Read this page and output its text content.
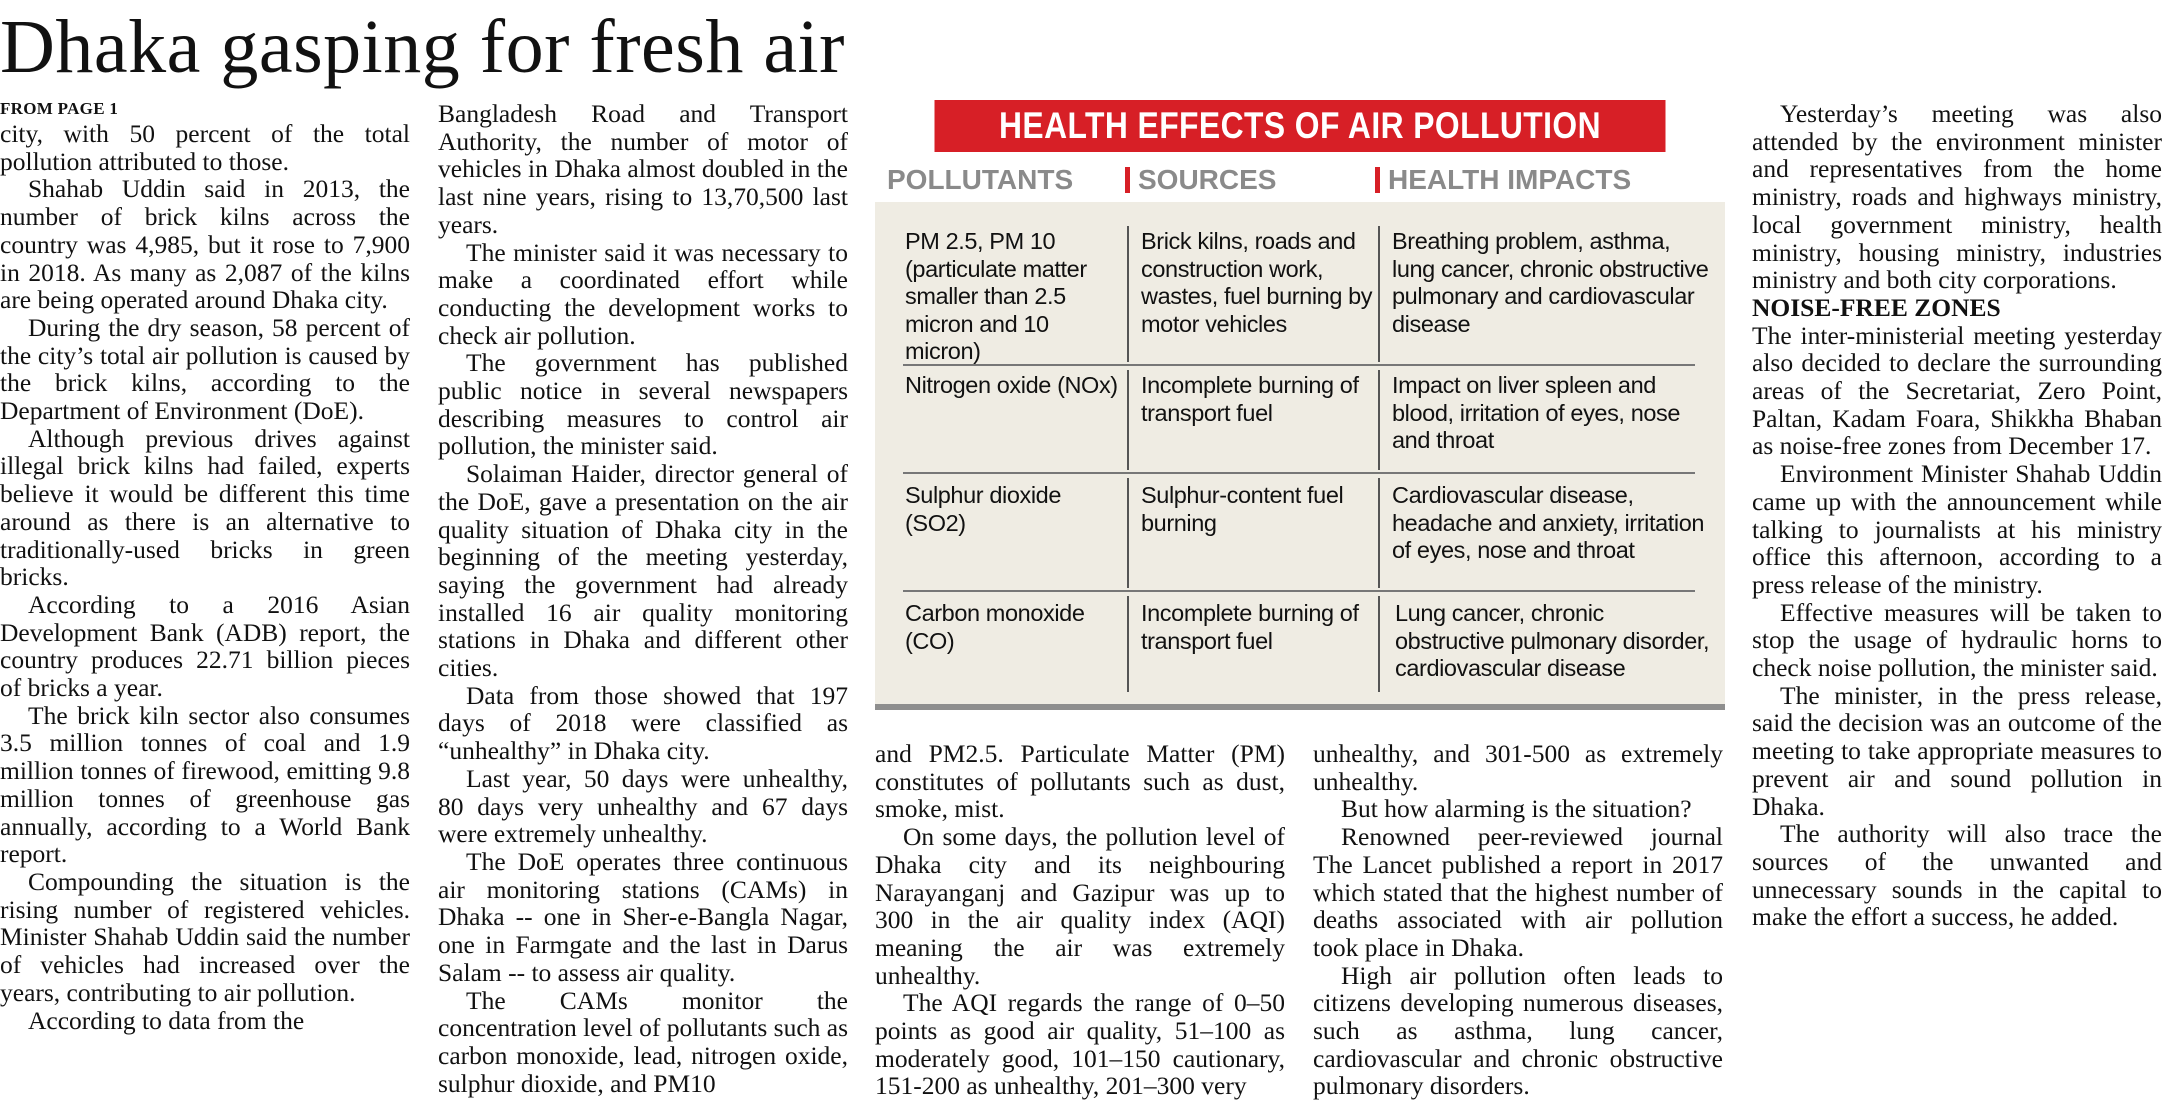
Dhaka gasping for fresh air

FROM PAGE 1

city, with 50 percent of the total pollution attributed to those.

Shahab Uddin said in 2013, the number of brick kilns across the country was 4,985, but it rose to 7,900 in 2018. As many as 2,087 of the kilns are being operated around Dhaka city.

During the dry season, 58 percent of the city’s total air pollution is caused by the brick kilns, according to the Department of Environment (DoE).

Although previous drives against illegal brick kilns had failed, experts believe it would be different this time around as there is an alternative to traditionally-used bricks in green bricks.

According to a 2016 Asian Development Bank (ADB) report, the country produces 22.71 billion pieces of bricks a year.

The brick kiln sector also consumes 3.5 million tonnes of coal and 1.9 million tonnes of firewood, emitting 9.8 million tonnes of greenhouse gas annually, according to a World Bank report.

Compounding the situation is the rising number of registered vehicles. Minister Shahab Uddin said the number of vehicles had increased over the years, contributing to air pollution.

According to data from the

Bangladesh Road and Transport Authority, the number of motor of vehicles in Dhaka almost doubled in the last nine years, rising to 13,70,500 last years.

The minister said it was necessary to make a coordinated effort while conducting the development works to check air pollution.

The government has published public notice in several newspapers describing measures to control air pollution, the minister said.

Solaiman Haider, director general of the DoE, gave a presentation on the air quality situation of Dhaka city in the beginning of the meeting yesterday, saying the government had already installed 16 air quality monitoring stations in Dhaka and different other cities.

Data from those showed that 197 days of 2018 were classified as “unhealthy” in Dhaka city.

Last year, 50 days were unhealthy, 80 days very unhealthy and 67 days were extremely unhealthy.

The DoE operates three continuous air monitoring stations (CAMs) in Dhaka -- one in Sher-e-Bangla Nagar, one in Farmgate and the last in Darus Salam -- to assess air quality.

The CAMs monitor the concentration level of pollutants such as carbon monoxide, lead, nitrogen oxide, sulphur dioxide, and PM10

HEALTH EFFECTS OF AIR POLLUTION
POLLUTANTS	SOURCES	HEALTH IMPACTS
PM 2.5, PM 10 (particulate matter smaller than 2.5 micron and 10 micron)
Brick kilns, roads and construction work, wastes, fuel burning by motor vehicles
Breathing problem, asthma, lung cancer, chronic obstructive pulmonary and cardiovascular disease
Nitrogen oxide (NOx) Incomplete burning of transport fuel
Impact on liver spleen and blood, irritation of eyes, nose and throat
Sulphur dioxide (SO2)
Sulphur-content fuel burning
Cardiovascular disease, headache and anxiety, irritation of eyes, nose and throat
Carbon monoxide (CO)
Incomplete burning of transport fuel
Lung cancer, chronic obstructive pulmonary disorder, cardiovascular disease

and PM2.5. Particulate Matter (PM) constitutes of pollutants such as dust, smoke, mist.

On some days, the pollution level of Dhaka city and its neighbouring Narayanganj and Gazipur was up to 300 in the air quality index (AQI) meaning the air was extremely unhealthy.

The AQI regards the range of 0–50 points as good air quality, 51–100 as moderately good, 101–150 cautionary, 151-200 as unhealthy, 201–300 very

unhealthy, and 301-500 as extremely unhealthy.

But how alarming is the situation?

Renowned peer-reviewed journal The Lancet published a report in 2017 which stated that the highest number of deaths associated with air pollution took place in Dhaka.

High air pollution often leads to citizens developing numerous diseases, such as asthma, lung cancer, cardiovascular and chronic obstructive pulmonary disorders.

Yesterday’s meeting was also attended by the environment minister and representatives from the home ministry, roads and highways ministry, local government ministry, health ministry, housing ministry, industries ministry and both city corporations.

NOISE-FREE ZONES

The inter-ministerial meeting yesterday also decided to declare the surrounding areas of the Secretariat, Zero Point, Paltan, Kadam Foara, Shikkha Bhaban as noise-free zones from December 17.

Environment Minister Shahab Uddin came up with the announcement while talking to journalists at his ministry office this afternoon, according to a press release of the ministry.

Effective measures will be taken to stop the usage of hydraulic horns to check noise pollution, the minister said.

The minister, in the press release, said the decision was an outcome of the meeting to take appropriate measures to prevent air and sound pollution in Dhaka.

The authority will also trace the sources of the unwanted and unnecessary sounds in the capital to make the effort a success, he added.
